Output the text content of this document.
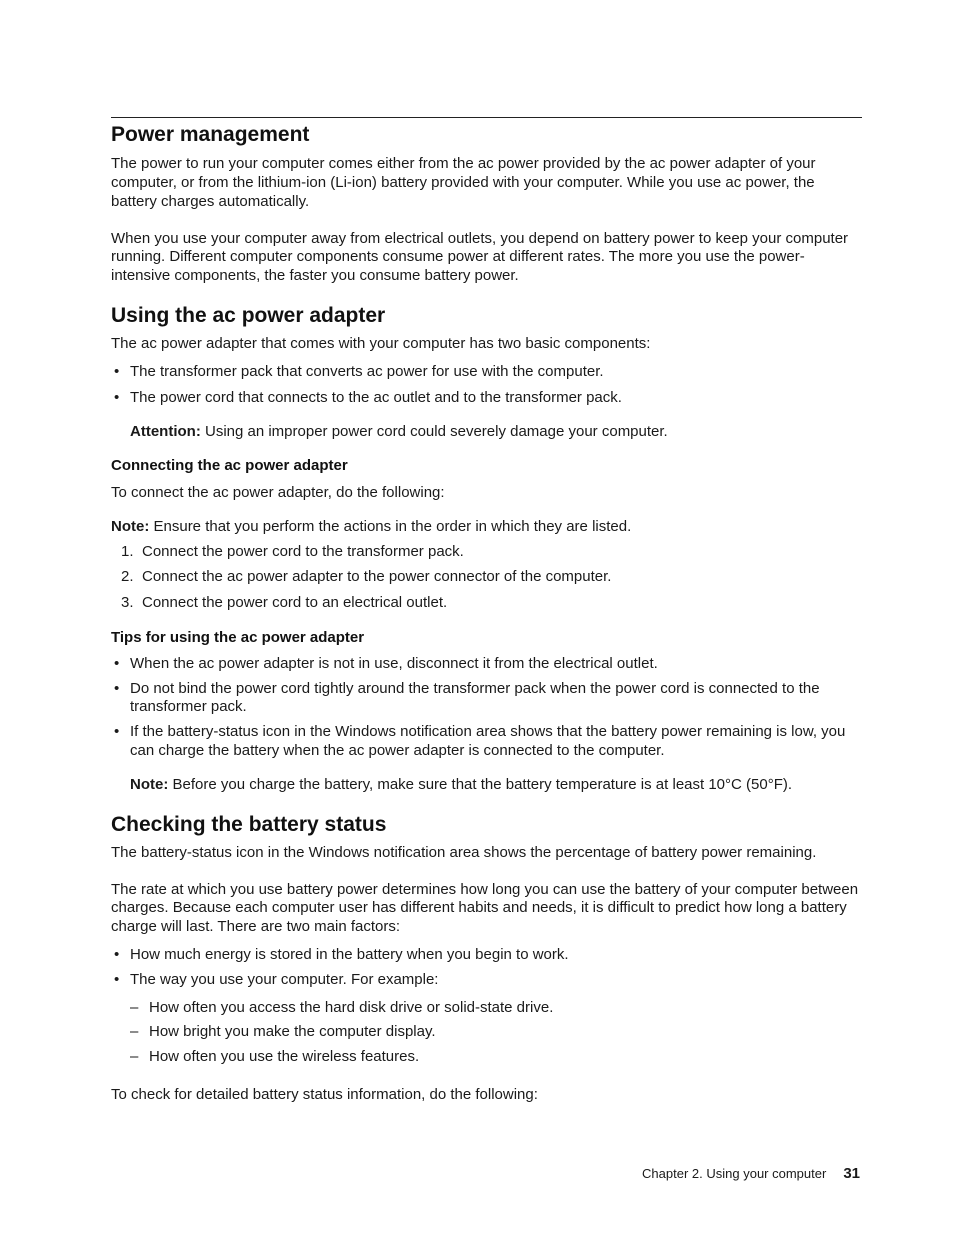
Power management

The power to run your computer comes either from the ac power provided by the ac power adapter of your computer, or from the lithium-ion (Li-ion) battery provided with your computer. While you use ac power, the battery charges automatically.

When you use your computer away from electrical outlets, you depend on battery power to keep your computer running. Different computer components consume power at different rates. The more you use the power-intensive components, the faster you consume battery power.

Using the ac power adapter

The ac power adapter that comes with your computer has two basic components:

• The transformer pack that converts ac power for use with the computer.
• The power cord that connects to the ac outlet and to the transformer pack.

Attention: Using an improper power cord could severely damage your computer.

Connecting the ac power adapter

To connect the ac power adapter, do the following:

Note: Ensure that you perform the actions in the order in which they are listed.

1. Connect the power cord to the transformer pack.
2. Connect the ac power adapter to the power connector of the computer.
3. Connect the power cord to an electrical outlet.
Tips for using the ac power adapter
• When the ac power adapter is not in use, disconnect it from the electrical outlet.
• Do not bind the power cord tightly around the transformer pack when the power cord is connected to the transformer pack.
• If the battery-status icon in the Windows notification area shows that the battery power remaining is low, you can charge the battery when the ac power adapter is connected to the computer.

Note: Before you charge the battery, make sure that the battery temperature is at least 10°C (50°F).

Checking the battery status

The battery-status icon in the Windows notification area shows the percentage of battery power remaining.

The rate at which you use battery power determines how long you can use the battery of your computer between charges. Because each computer user has different habits and needs, it is difficult to predict how long a battery charge will last. There are two main factors:

• How much energy is stored in the battery when you begin to work.
• The way you use your computer. For example:
– How often you access the hard disk drive or solid-state drive.
– How bright you make the computer display.
– How often you use the wireless features.

To check for detailed battery status information, do the following:

Chapter 2. Using your computer 31
